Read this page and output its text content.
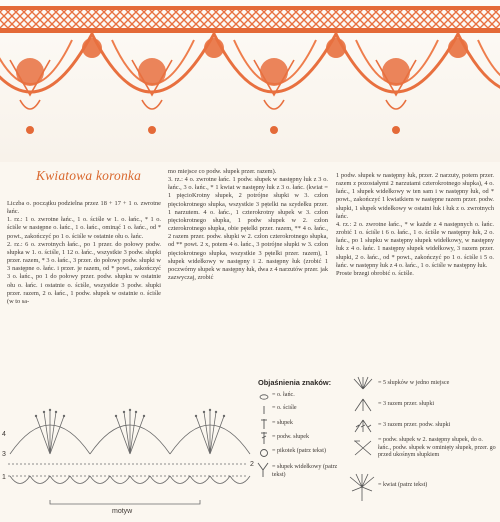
Kwiatowa koronka

Liczba o. początku podzielna przez 18 + 17 + 1 o. zwrotne łańc.

1. rz.: 1 o. zwrotne łańc., 1 o. ściśle w 1. o. łańc., * 1 o. ściśle w następne o. łańc., 1 o. łańc., ominąć 1 o. łańc., od * powt., zakończyć po 1 o. ściśle w ostatnie ołu o. łańc.

2. rz.: 6 o. zwrotnych łańc., po 1 przer. do połowy podw. słupka w 1. o. ściśle, 1 12 o. łańc., wszystkie 3 podw. słupki przer. razem, * 3 o. łańc., 3 przer. do połowy podw. słupki w 3 następne o. łańc. i przer. je razem, od * powt., zakończyć 3 o. łańc., po 1 do połowy przer. podw. słupku w ostatnie ołu o. łańc. i ostatnie o. ściśle, wszystkie 3 podw. słupki przer. razem, 2 o. łańc., 1 podw. słupek w ostatnie o. ściśle (w to sa-

mo miejsce co podw. słupek przer. razem).

3. rz.: 4 o. zwrotne łańc. 1 podw. słupek w następny łuk z 3 o. łańc., 3 o. łańc., * 1 kwiat w następny łuk z 3 o. łańc. (kwiat = 1 pięcioKrotny słupek, 2 potrójne słupki w 3. człon pięciokrotnego słupka, wszystkie 3 pętelki na szydełku przer. 1 narzutem. 4 o. łańc., 1 czterokrotny słupek w 3. człon pięciokrotnego słupka, 1 podw słupek w 2. człon czterokrotnego słupka, obie pętelki przer. razem, ** 4 o. łańc., 2 razem przer. podw. słupki w 2. człon czterokrotnego słupka, od ** powt. 2 x, potem 4 o. łańc., 3 potrójne słupki w 3. człon pięciokrotnego słupka, wszystkie 3 pętelki przer. razem), 1 słupek widełkowy w następny i 2. następny łuk (zrobić 1 poczwórny słupek w następny łuk, dwa z 4 narzutów przer. jak zazwyczaj, zrobić

1 podw. słupek w następny łuk, przer. 2 narzuty, potem przer. razem z pozostałymi 2 narzutami czterokrotnego słupka), 4 o. łańc., 1 słupek widełkowy w ten sam i w następny łuk, od * powt., zakończyć 1 kwiatkiem w następne razem przer. podw. słupki, 1 słupek widełkowy w ostatni łuk i łuk z o. zwrotnych łańc.

4. rz.: 2 o. zwrotne łańc., * w każde z 4 następnych o. łańc. zrobić 1 o. ściśle i 6 o. łańc., 1 o. ściśle w następny łuk, 2 o. łańc., po 1 słupku w następny słupek widełkowy, w następny łuk z 4 o. łańc. 1 następny słupek widełkowy, 3 razem przer. słupki, 2 o. łańc., od * powt., zakończyć po 1 o. ściśle i 5 o. łańc. w następny łuk z 4 o. łańc., 1 o. ściśle w następny łuk.

Proste brzegi obrobić o. ściśle.

4
3
2
1
motyw
Objaśnienia znaków:
= o. łańc.
= o. ściśle
= słupek
= podw. słupek
= pikotek (patrz tekst)
= słupek widełkowy (patrz tekst)
= 5 słupków w jedno miejsce
= 3 razem przer. słupki
= 3 razem przer. podw. słupki
= podw. słupek w 2. następny słupek, do o. łańc., podw. słupek w ominięty słupek, przer. go przed ukośnym słupkiem
= kwiat (patrz tekst)
